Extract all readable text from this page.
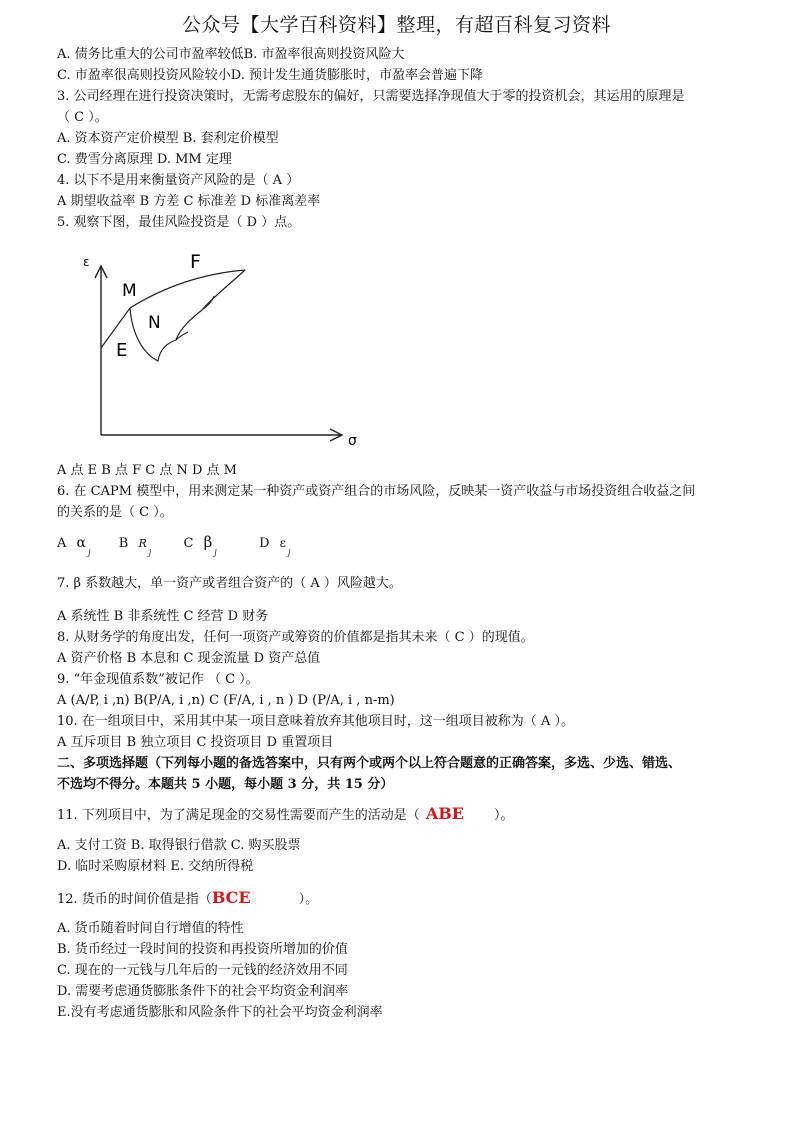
公众号【大学百科资料】整理，有超百科复习资料
A. 债务比重大的公司市盈率较低B. 市盈率很高则投资风险大
C. 市盈率很高则投资风险较小D. 预计发生通货膨胀时，市盈率会普遍下降
3. 公司经理在进行投资决策时，无需考虑股东的偏好，只需要选择净现值大于零的投资机会，其运用的原理是
（ C ）。
A. 资本资产定价模型 B. 套利定价模型
C. 费雪分离原理 D. MM 定理
4. 以下不是用来衡量资产风险的是（ A ）
A 期望收益率 B 方差 C 标准差 D 标准离差率
5. 观察下图，最佳风险投资是（ D ）点。
ε
σ
M
F
N
E
A 点 E B 点 F C 点 N D 点 M
6. 在 CAPM 模型中，用来测定某一种资产或资产组合的市场风险，反映某一资产收益与市场投资组合收益之间
的关系的是（ C ）。
A $\alpha_j$  B $R_j$  C $\beta_j$  D $\varepsilon_j$
7. β 系数越大，单一资产或者组合资产的（ A ）风险越大。
A 系统性 B 非系统性 C 经营 D 财务
8. 从财务学的角度出发，任何一项资产或筹资的价值都是指其未来（ C ）的现值。
A 资产价格 B 本息和 C 现金流量 D 资产总值
9. “年金现值系数”被记作 （ C ）。
A (A/P, i ,n) B(P/A, i ,n) C (F/A, i , n ) D (P/A, i , n-m)
10. 在一组项目中，采用其中某一项目意味着放弃其他项目时，这一组项目被称为（ A ）。
A 互斥项目 B 独立项目 C 投资项目 D 重置项目
二、多项选择题（下列每小题的备选答案中，只有两个或两个以上符合题意的正确答案，多选、少选、错选、
不选均不得分。本题共 5 小题，每小题 3 分，共 15 分）
11. 下列项目中，为了满足现金的交易性需要而产生的活动是（ ABE ）。
A. 支付工资 B. 取得银行借款 C. 购买股票
D. 临时采购原材料 E. 交纳所得税
12. 货币的时间价值是指（BCE	）。
A. 货币随着时间自行增值的特性
B. 货币经过一段时间的投资和再投资所增加的价值
C. 现在的一元钱与几年后的一元钱的经济效用不同
D. 需要考虑通货膨胀条件下的社会平均资金利润率
E.没有考虑通货膨胀和风险条件下的社会平均资金利润率
